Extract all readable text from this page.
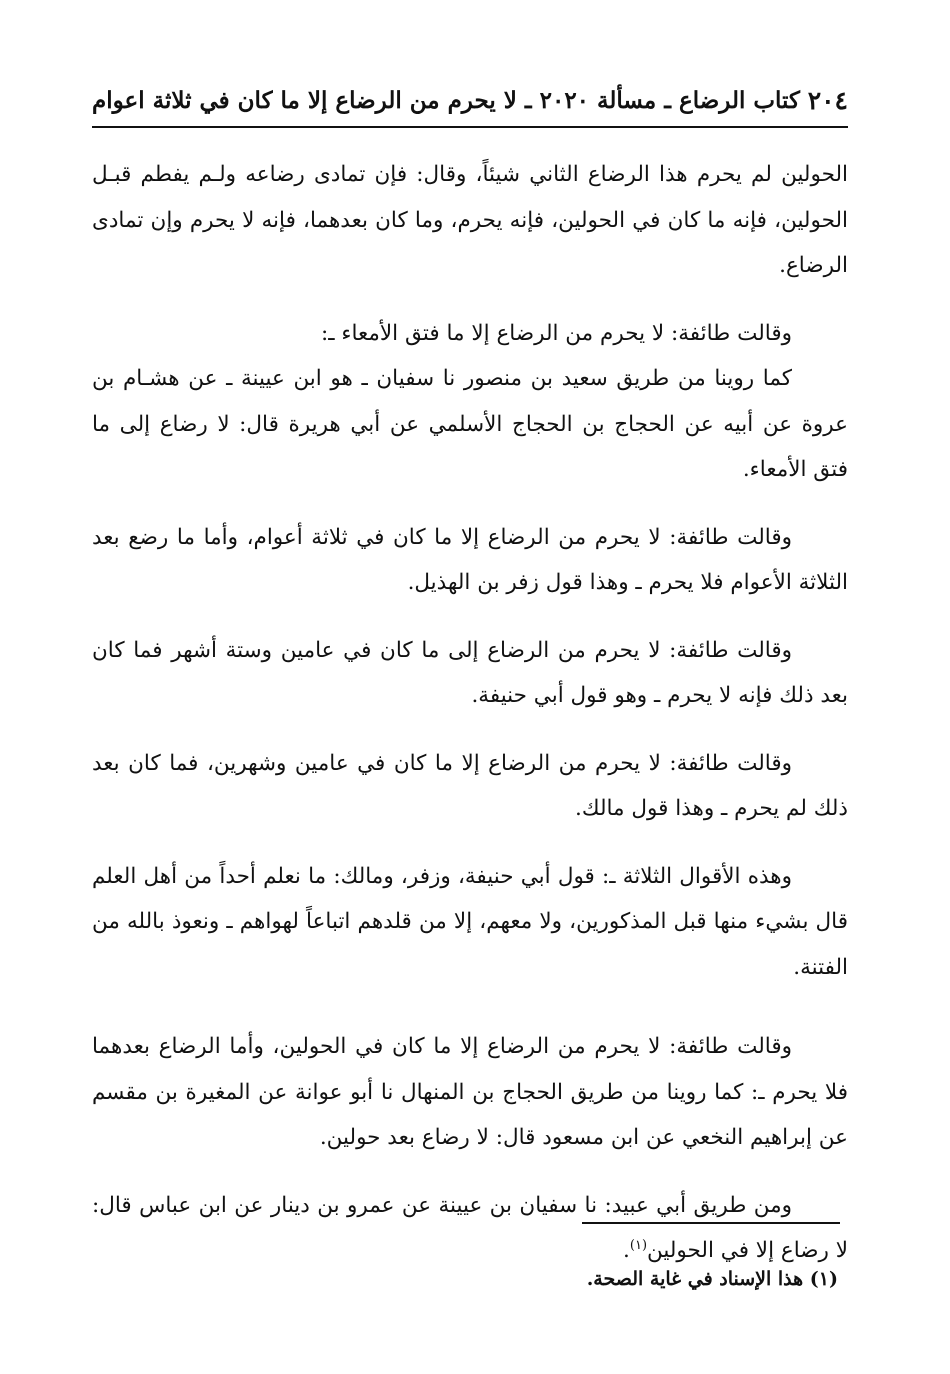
٢٠٤
كتاب الرضاع ـ مسألة ٢٠٢٠ ـ لا يحرم من الرضاع إلا ما كان في ثلاثة اعوام

الحولين لم يحرم هذا الرضاع الثاني شيئاً، وقال: فإن تمادى رضاعه ولـم يفطم قبـل الحولين، فإنه ما كان في الحولين، فإنه يحرم، وما كان بعدهما، فإنه لا يحرم وإن تمادى الرضاع.

وقالت طائفة: لا يحرم من الرضاع إلا ما فتق الأمعاء ـ:

كما روينا من طريق سعيد بن منصور نا سفيان ـ هو ابن عيينة ـ عن هشـام بن عروة عن أبيه عن الحجاج بن الحجاج الأسلمي عن أبي هريرة قال: لا رضاع إلى ما فتق الأمعاء.

وقالت طائفة: لا يحرم من الرضاع إلا ما كان في ثلاثة أعوام، وأما ما رضع بعد الثلاثة الأعوام فلا يحرم ـ وهذا قول زفر بن الهذيل.

وقالت طائفة: لا يحرم من الرضاع إلى ما كان في عامين وستة أشهر فما كان بعد ذلك فإنه لا يحرم ـ وهو قول أبي حنيفة.

وقالت طائفة: لا يحرم من الرضاع إلا ما كان في عامين وشهرين، فما كان بعد ذلك لم يحرم ـ وهذا قول مالك.

وهذه الأقوال الثلاثة ـ: قول أبي حنيفة، وزفر، ومالك: ما نعلم أحداً من أهل العلم قال بشيء منها قبل المذكورين، ولا معهم، إلا من قلدهم اتباعاً لهواهم ـ ونعوذ بالله من الفتنة.

وقالت طائفة: لا يحرم من الرضاع إلا ما كان في الحولين، وأما الرضاع بعدهما فلا يحرم ـ: كما روينا من طريق الحجاج بن المنهال نا أبو عوانة عن المغيرة بن مقسم عن إبراهيم النخعي عن ابن مسعود قال: لا رضاع بعد حولين.

ومن طريق أبي عبيد: نا سفيان بن عيينة عن عمرو بن دينار عن ابن عباس قال: لا رضاع إلا في الحولين$^{(١)}$.

(١) هذا الإسناد في غاية الصحة.
